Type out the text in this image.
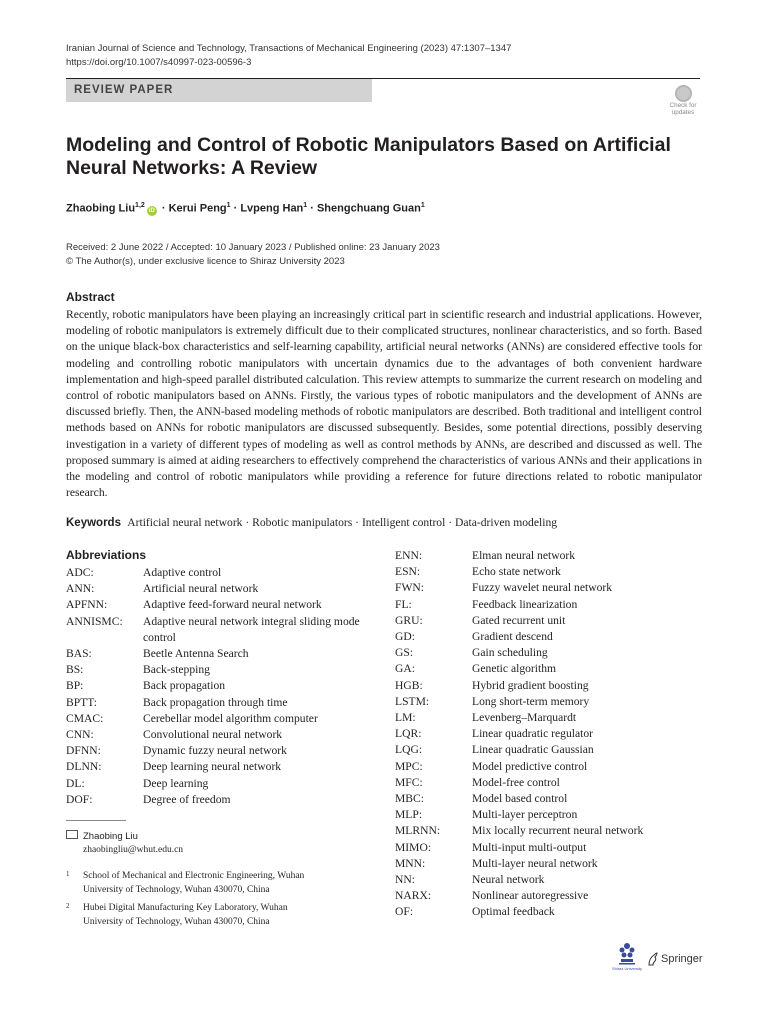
Iranian Journal of Science and Technology, Transactions of Mechanical Engineering (2023) 47:1307–1347
https://doi.org/10.1007/s40997-023-00596-3
REVIEW PAPER
Check for
updates
Modeling and Control of Robotic Manipulators Based on Artificial Neural Networks: A Review
Zhaobing Liu$^{1,2}$iD · Kerui Peng$^1$ · Lvpeng Han$^1$ · Shengchuang Guan$^1$
Received: 2 June 2022 / Accepted: 10 January 2023 / Published online: 23 January 2023
© The Author(s), under exclusive licence to Shiraz University 2023
Abstract
Recently, robotic manipulators have been playing an increasingly critical part in scientific research and industrial applications. However, modeling of robotic manipulators is extremely difficult due to their complicated structures, nonlinear characteristics, and so forth. Based on the unique black-box characteristics and self-learning capability, artificial neural networks (ANNs) are considered effective tools for modeling and controlling robotic manipulators with uncertain dynamics due to the advantages of both convenient hardware implementation and high-speed parallel distributed calculation. This review attempts to summarize the current research on modeling and control of robotic manipulators based on ANNs. Firstly, the various types of robotic manipulators and the development of ANNs are discussed briefly. Then, the ANN-based modeling methods of robotic manipulators are described. Both traditional and intelligent control methods based on ANNs for robotic manipulators are discussed subsequently. Besides, some potential directions, possibly deserving investigation in a variety of different types of modeling as well as control methods by ANNs, are described and discussed as well. The proposed summary is aimed at aiding researchers to effectively comprehend the characteristics of various ANNs and their applications in the modeling and control of robotic manipulators while providing a reference for future directions related to robotic manipulator research.
Keywords Artificial neural network · Robotic manipulators · Intelligent control · Data-driven modeling
Abbreviations
ADC:	Adaptive control
ANN:	Artificial neural network
APFNN:	Adaptive feed-forward neural network
ANNISMC:	Adaptive neural network integral sliding mode control
BAS:	Beetle Antenna Search
BS:	Back-stepping
BP:	Back propagation
BPTT:	Back propagation through time
CMAC:	Cerebellar model algorithm computer
CNN:	Convolutional neural network
DFNN:	Dynamic fuzzy neural network
DLNN:	Deep learning neural network
DL:	Deep learning
DOF:	Degree of freedom
ENN:	Elman neural network
ESN:	Echo state network
FWN:	Fuzzy wavelet neural network
FL:	Feedback linearization
GRU:	Gated recurrent unit
GD:	Gradient descend
GS:	Gain scheduling
GA:	Genetic algorithm
HGB:	Hybrid gradient boosting
LSTM:	Long short-term memory
LM:	Levenberg–Marquardt
LQR:	Linear quadratic regulator
LQG:	Linear quadratic Gaussian
MPC:	Model predictive control
MFC:	Model-free control
MBC:	Model based control
MLP:	Multi-layer perceptron
MLRNN:	Mix locally recurrent neural network
MIMO:	Multi-input multi-output
MNN:	Multi-layer neural network
NN:	Neural network
NARX:	Nonlinear autoregressive
OF:	Optimal feedback
Zhaobing Liu
zhaobingliu@whut.edu.cn
1 School of Mechanical and Electronic Engineering, Wuhan
University of Technology, Wuhan 430070, China
2 Hubei Digital Manufacturing Key Laboratory, Wuhan
University of Technology, Wuhan 430070, China
Shiraz University
Springer
